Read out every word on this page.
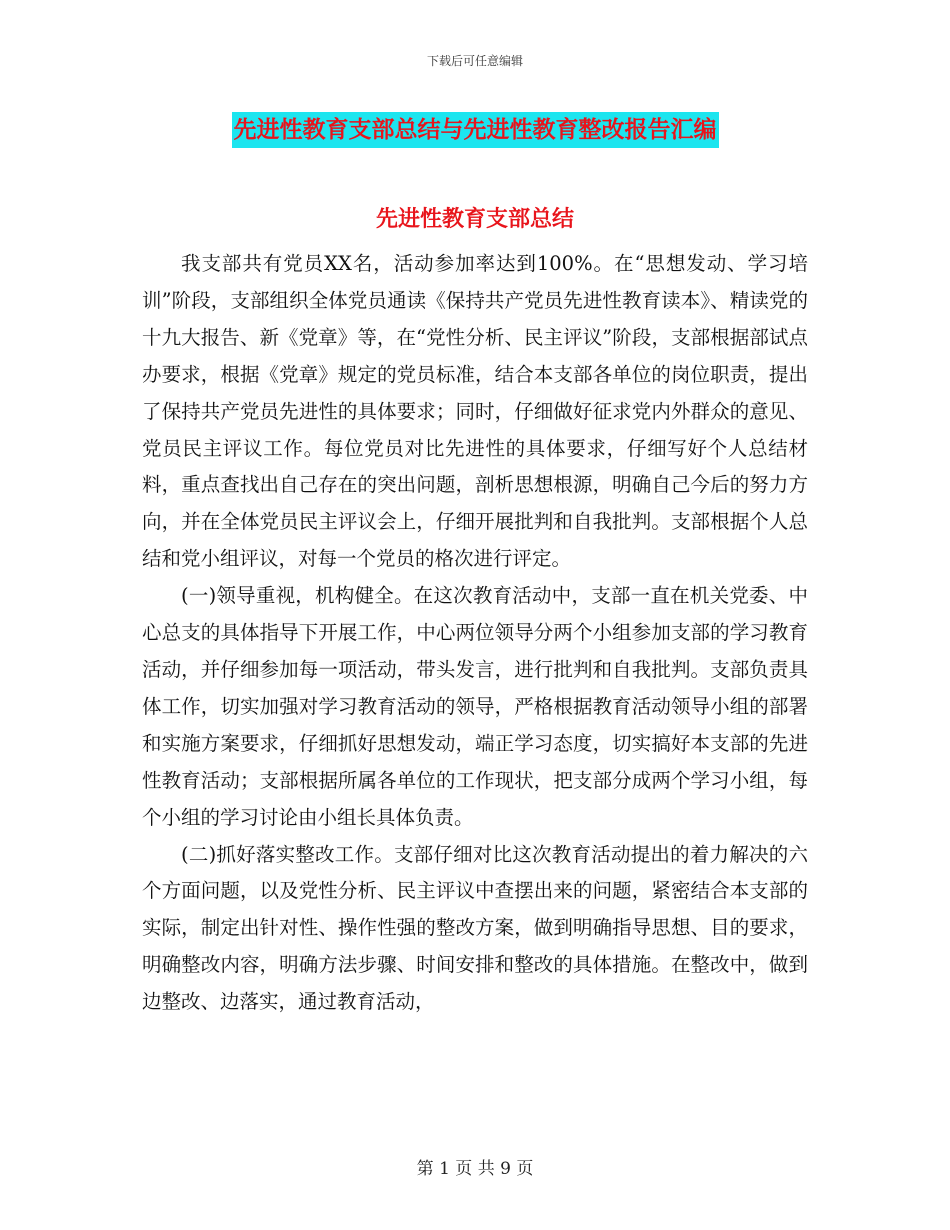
下载后可任意编辑
先进性教育支部总结与先进性教育整改报告汇编
先进性教育支部总结

我支部共有党员XX名，活动参加率达到100%。在“思想发动、学习培训”阶段，支部组织全体党员通读《保持共产党员先进性教育读本》、精读党的十九大报告、新《党章》等，在“党性分析、民主评议”阶段，支部根据部试点办要求，根据《党章》规定的党员标准，结合本支部各单位的岗位职责，提出了保持共产党员先进性的具体要求；同时，仔细做好征求党内外群众的意见、党员民主评议工作。每位党员对比先进性的具体要求，仔细写好个人总结材料，重点查找出自己存在的突出问题，剖析思想根源，明确自己今后的努力方向，并在全体党员民主评议会上，仔细开展批判和自我批判。支部根据个人总结和党小组评议，对每一个党员的格次进行评定。

(一)领导重视，机构健全。在这次教育活动中，支部一直在机关党委、中心总支的具体指导下开展工作，中心两位领导分两个小组参加支部的学习教育活动，并仔细参加每一项活动，带头发言，进行批判和自我批判。支部负责具体工作，切实加强对学习教育活动的领导，严格根据教育活动领导小组的部署和实施方案要求，仔细抓好思想发动，端正学习态度，切实搞好本支部的先进性教育活动；支部根据所属各单位的工作现状，把支部分成两个学习小组，每个小组的学习讨论由小组长具体负责。

(二)抓好落实整改工作。支部仔细对比这次教育活动提出的着力解决的六个方面问题，以及党性分析、民主评议中查摆出来的问题，紧密结合本支部的实际，制定出针对性、操作性强的整改方案，做到明确指导思想、目的要求，明确整改内容，明确方法步骤、时间安排和整改的具体措施。在整改中，做到边整改、边落实，通过教育活动，

第 1 页 共 9 页
